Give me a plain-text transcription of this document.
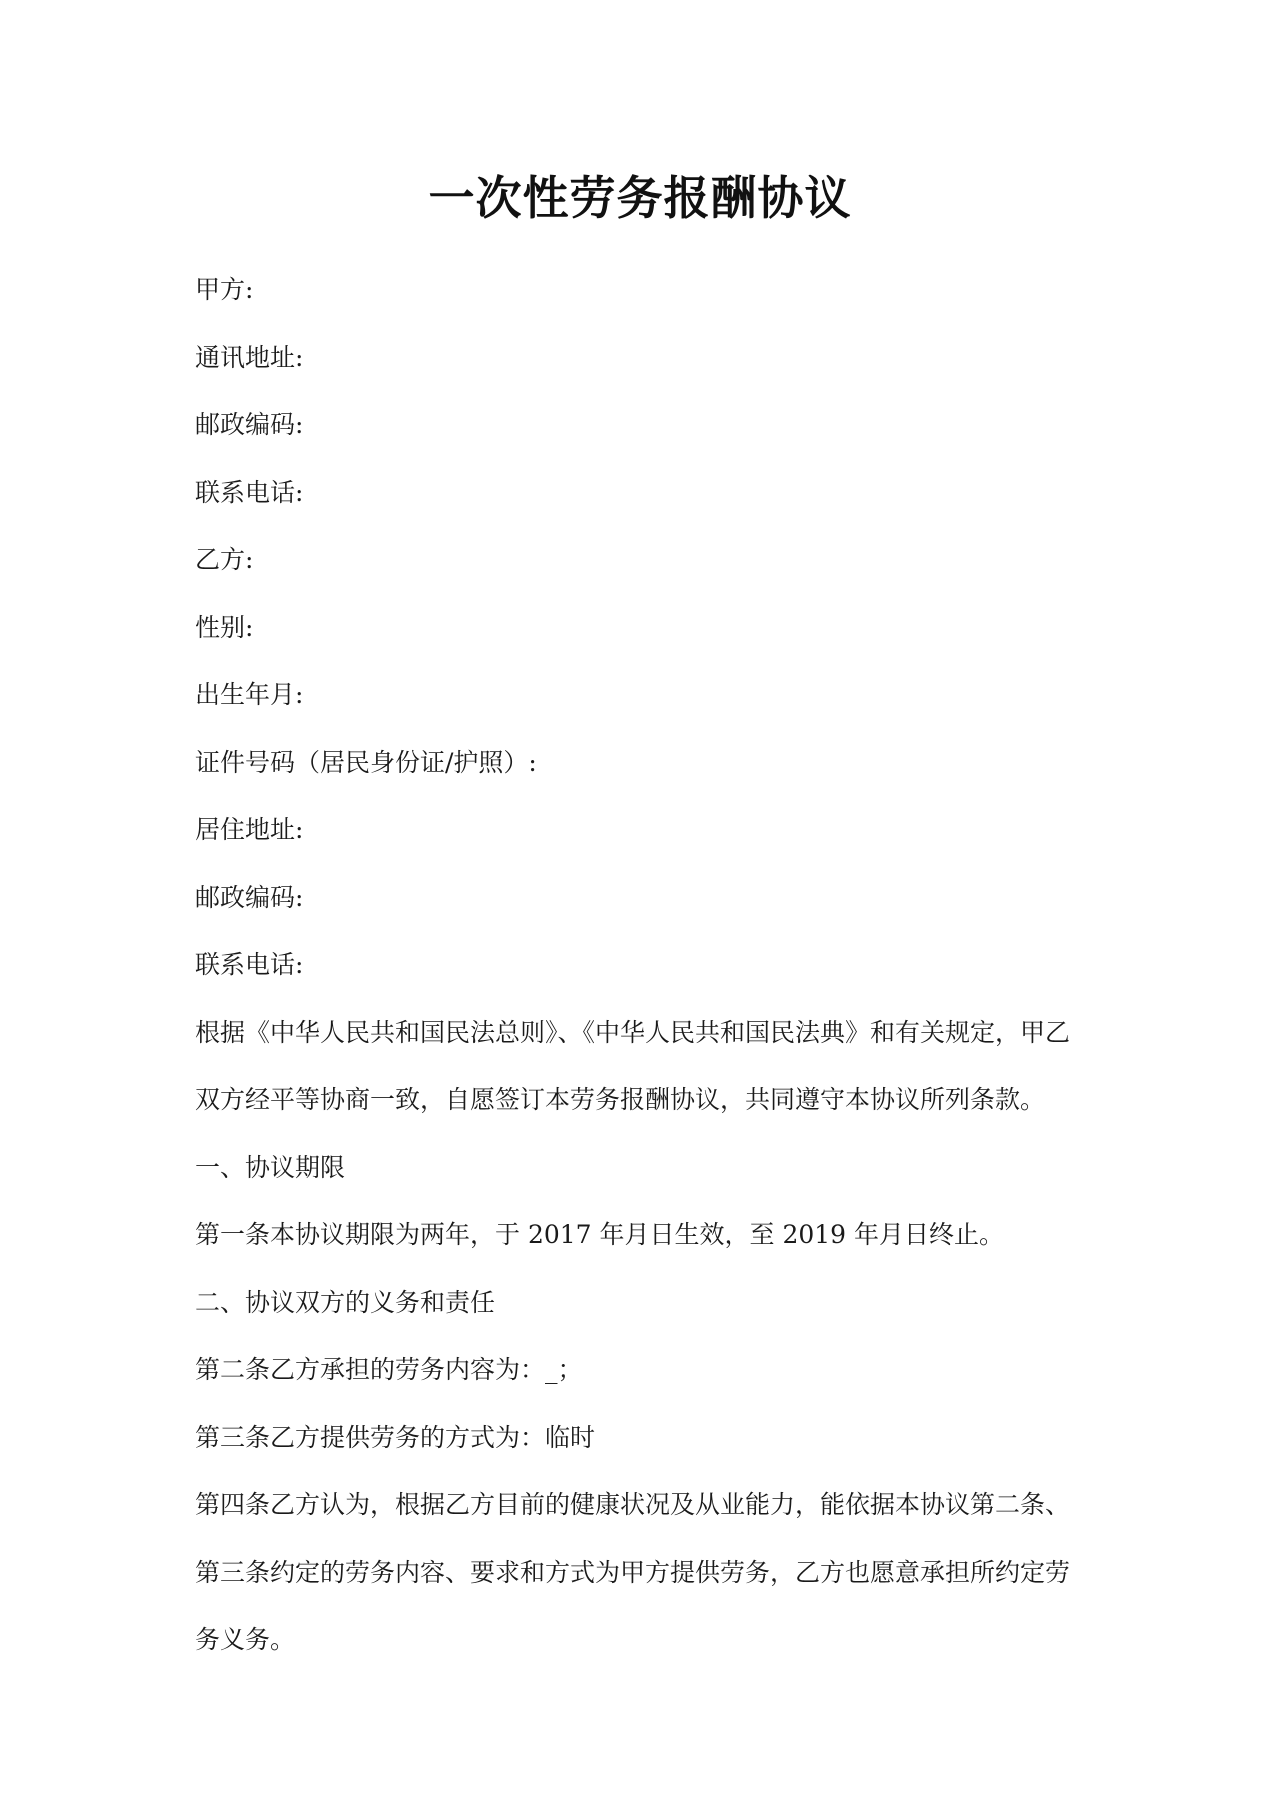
一次性劳务报酬协议

甲方:

通讯地址:

邮政编码:

联系电话:

乙方:

性别:

出生年月:

证件号码（居民身份证/护照）:

居住地址:

邮政编码:

联系电话:

根据《中华人民共和国民法总则》、《中华人民共和国民法典》和有关规定，甲乙

双方经平等协商一致，自愿签订本劳务报酬协议，共同遵守本协议所列条款。

一、协议期限

第一条本协议期限为两年，于 2017 年月日生效，至 2019 年月日终止。

二、协议双方的义务和责任

第二条乙方承担的劳务内容为：_；

第三条乙方提供劳务的方式为：临时

第四条乙方认为，根据乙方目前的健康状况及从业能力，能依据本协议第二条、

第三条约定的劳务内容、要求和方式为甲方提供劳务，乙方也愿意承担所约定劳

务义务。
